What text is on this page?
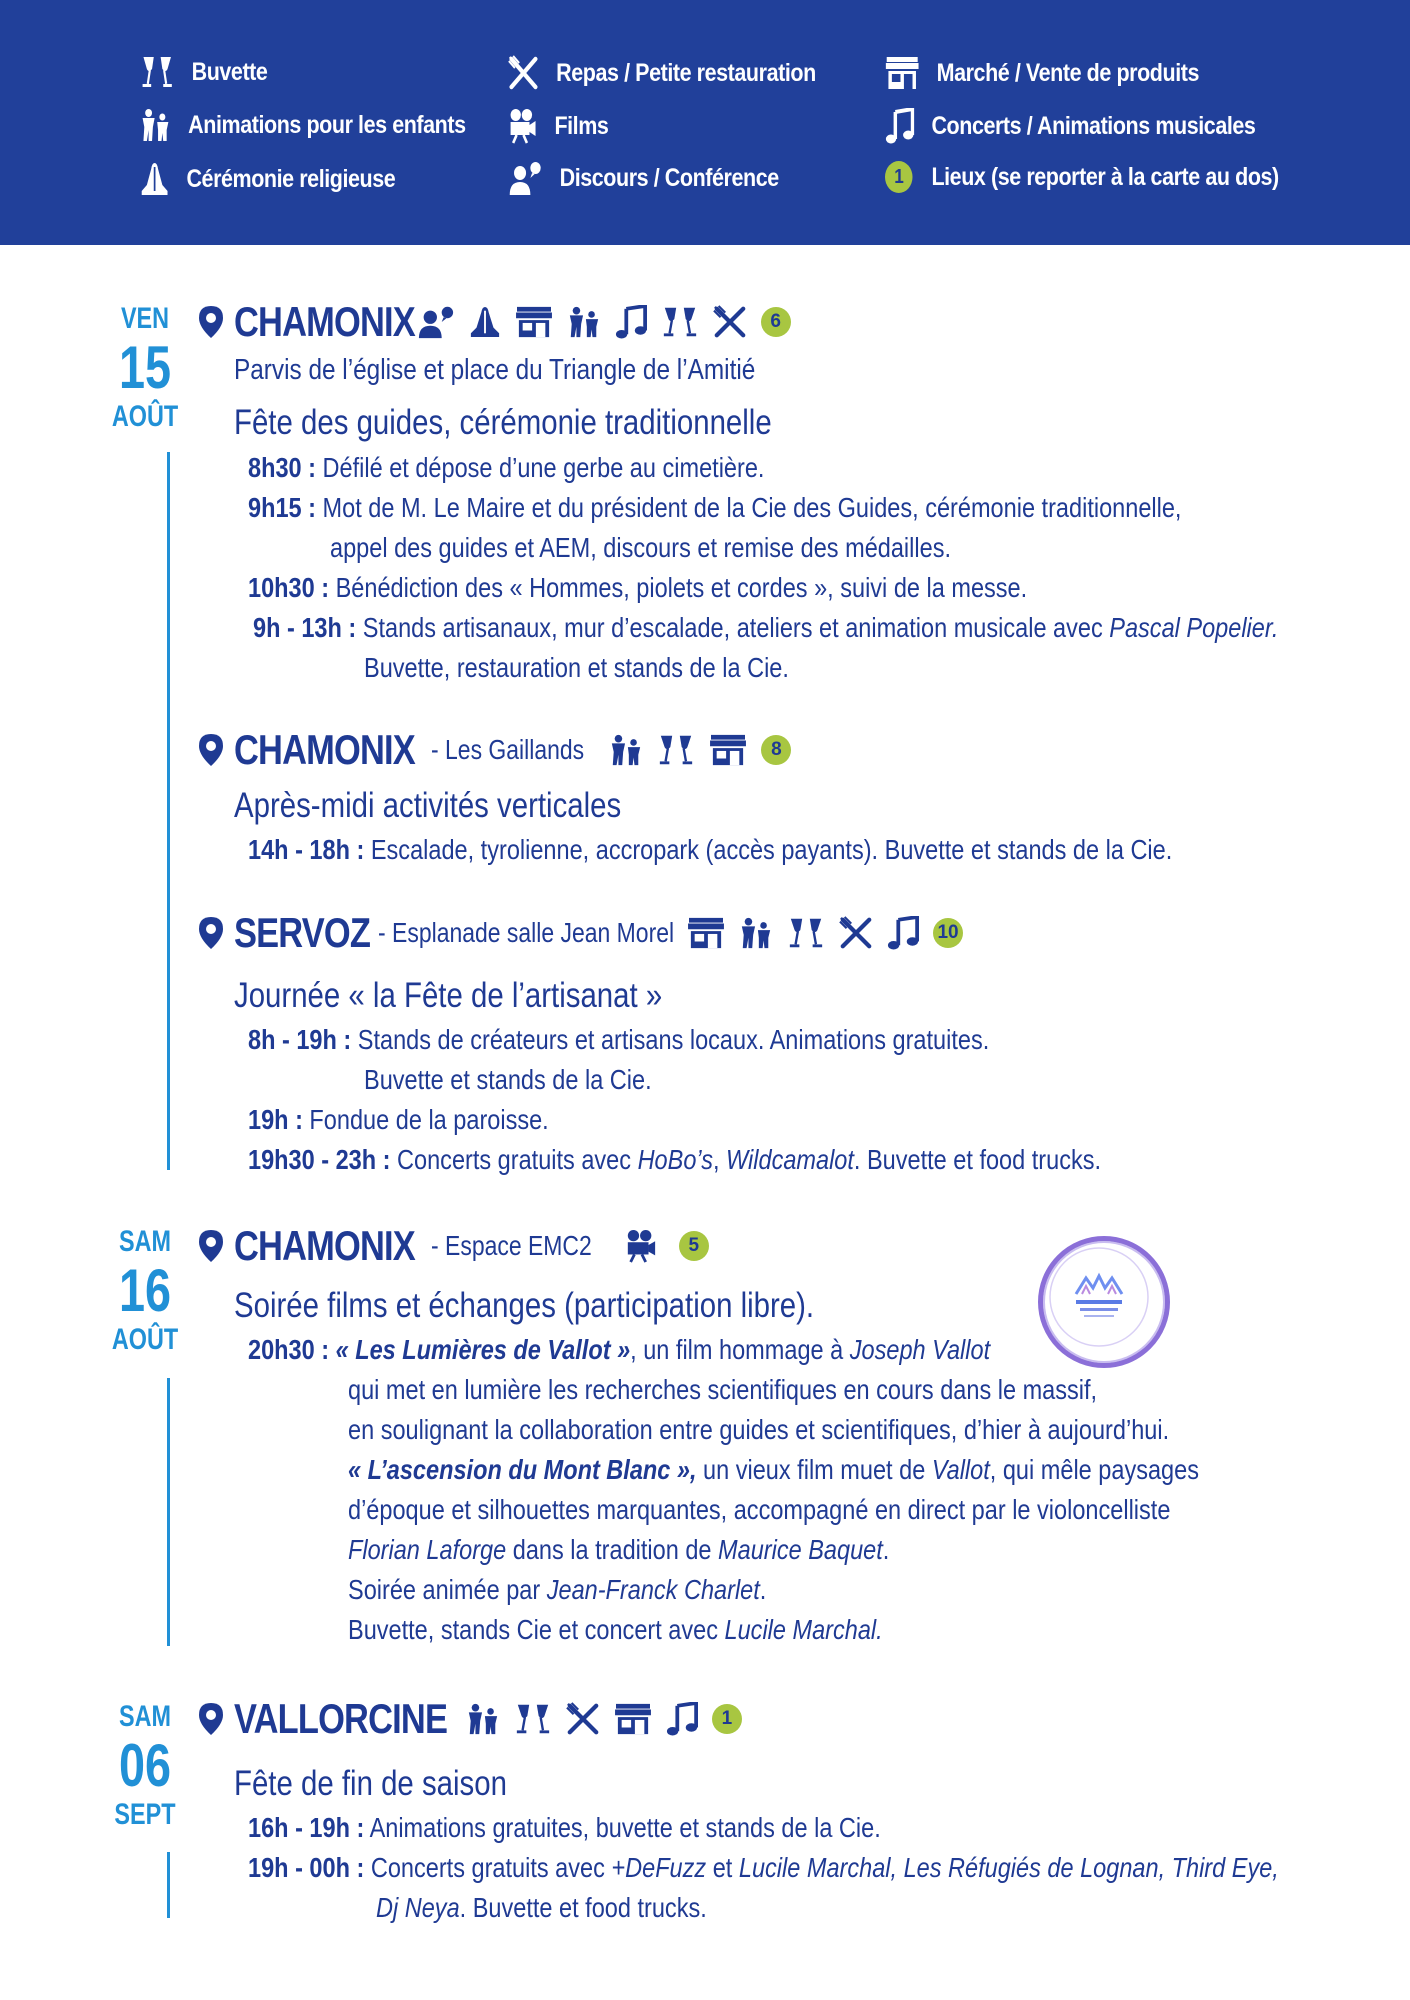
Buvette
Animations pour les enfants
Cérémonie religieuse
Repas / Petite restauration
Films
Discours / Conférence
Marché / Vente de produits
Concerts / Animations musicales
1	Lieux (se reporter à la carte au dos)
VEN
15
AOÛT
SAM
16
AOÛT
SAM
06
SEPT
CHAMONIX	6
Parvis de l’église et place du Triangle de l’Amitié
Fête des guides, cérémonie traditionnelle
8h30 : Défilé et dépose d’une gerbe au cimetière.
9h15 : Mot de M. Le Maire et du président de la Cie des Guides, cérémonie traditionnelle,
appel des guides et AEM, discours et remise des médailles.
10h30 : Bénédiction des « Hommes, piolets et cordes », suivi de la messe.
9h - 13h : Stands artisanaux, mur d’escalade, ateliers et animation musicale avec Pascal Popelier.
Buvette, restauration et stands de la Cie.
CHAMONIX - Les Gaillands	8
Après-midi activités verticales
14h - 18h : Escalade, tyrolienne, accropark (accès payants). Buvette et stands de la Cie.
SERVOZ - Esplanade salle Jean Morel	10
Journée « la Fête de l’artisanat »
8h - 19h : Stands de créateurs et artisans locaux. Animations gratuites.
Buvette et stands de la Cie.
19h : Fondue de la paroisse.
19h30 - 23h : Concerts gratuits avec HoBo’s, Wildcamalot. Buvette et food trucks.
CHAMONIX - Espace EMC2	5
Soirée films et échanges (participation libre).
20h30 : « Les Lumières de Vallot », un film hommage à Joseph Vallot
qui met en lumière les recherches scientifiques en cours dans le massif,
en soulignant la collaboration entre guides et scientifiques, d’hier à aujourd’hui.
« L’ascension du Mont Blanc », un vieux film muet de Vallot, qui mêle paysages
d’époque et silhouettes marquantes, accompagné en direct par le violoncelliste
Florian Laforge dans la tradition de Maurice Baquet.
Soirée animée par Jean-Franck Charlet.
Buvette, stands Cie et concert avec Lucile Marchal.
VALLORCINE	1
Fête de fin de saison
16h - 19h : Animations gratuites, buvette et stands de la Cie.
19h - 00h : Concerts gratuits avec +DeFuzz et Lucile Marchal, Les Réfugiés de Lognan, Third Eye,
Dj Neya. Buvette et food trucks.
